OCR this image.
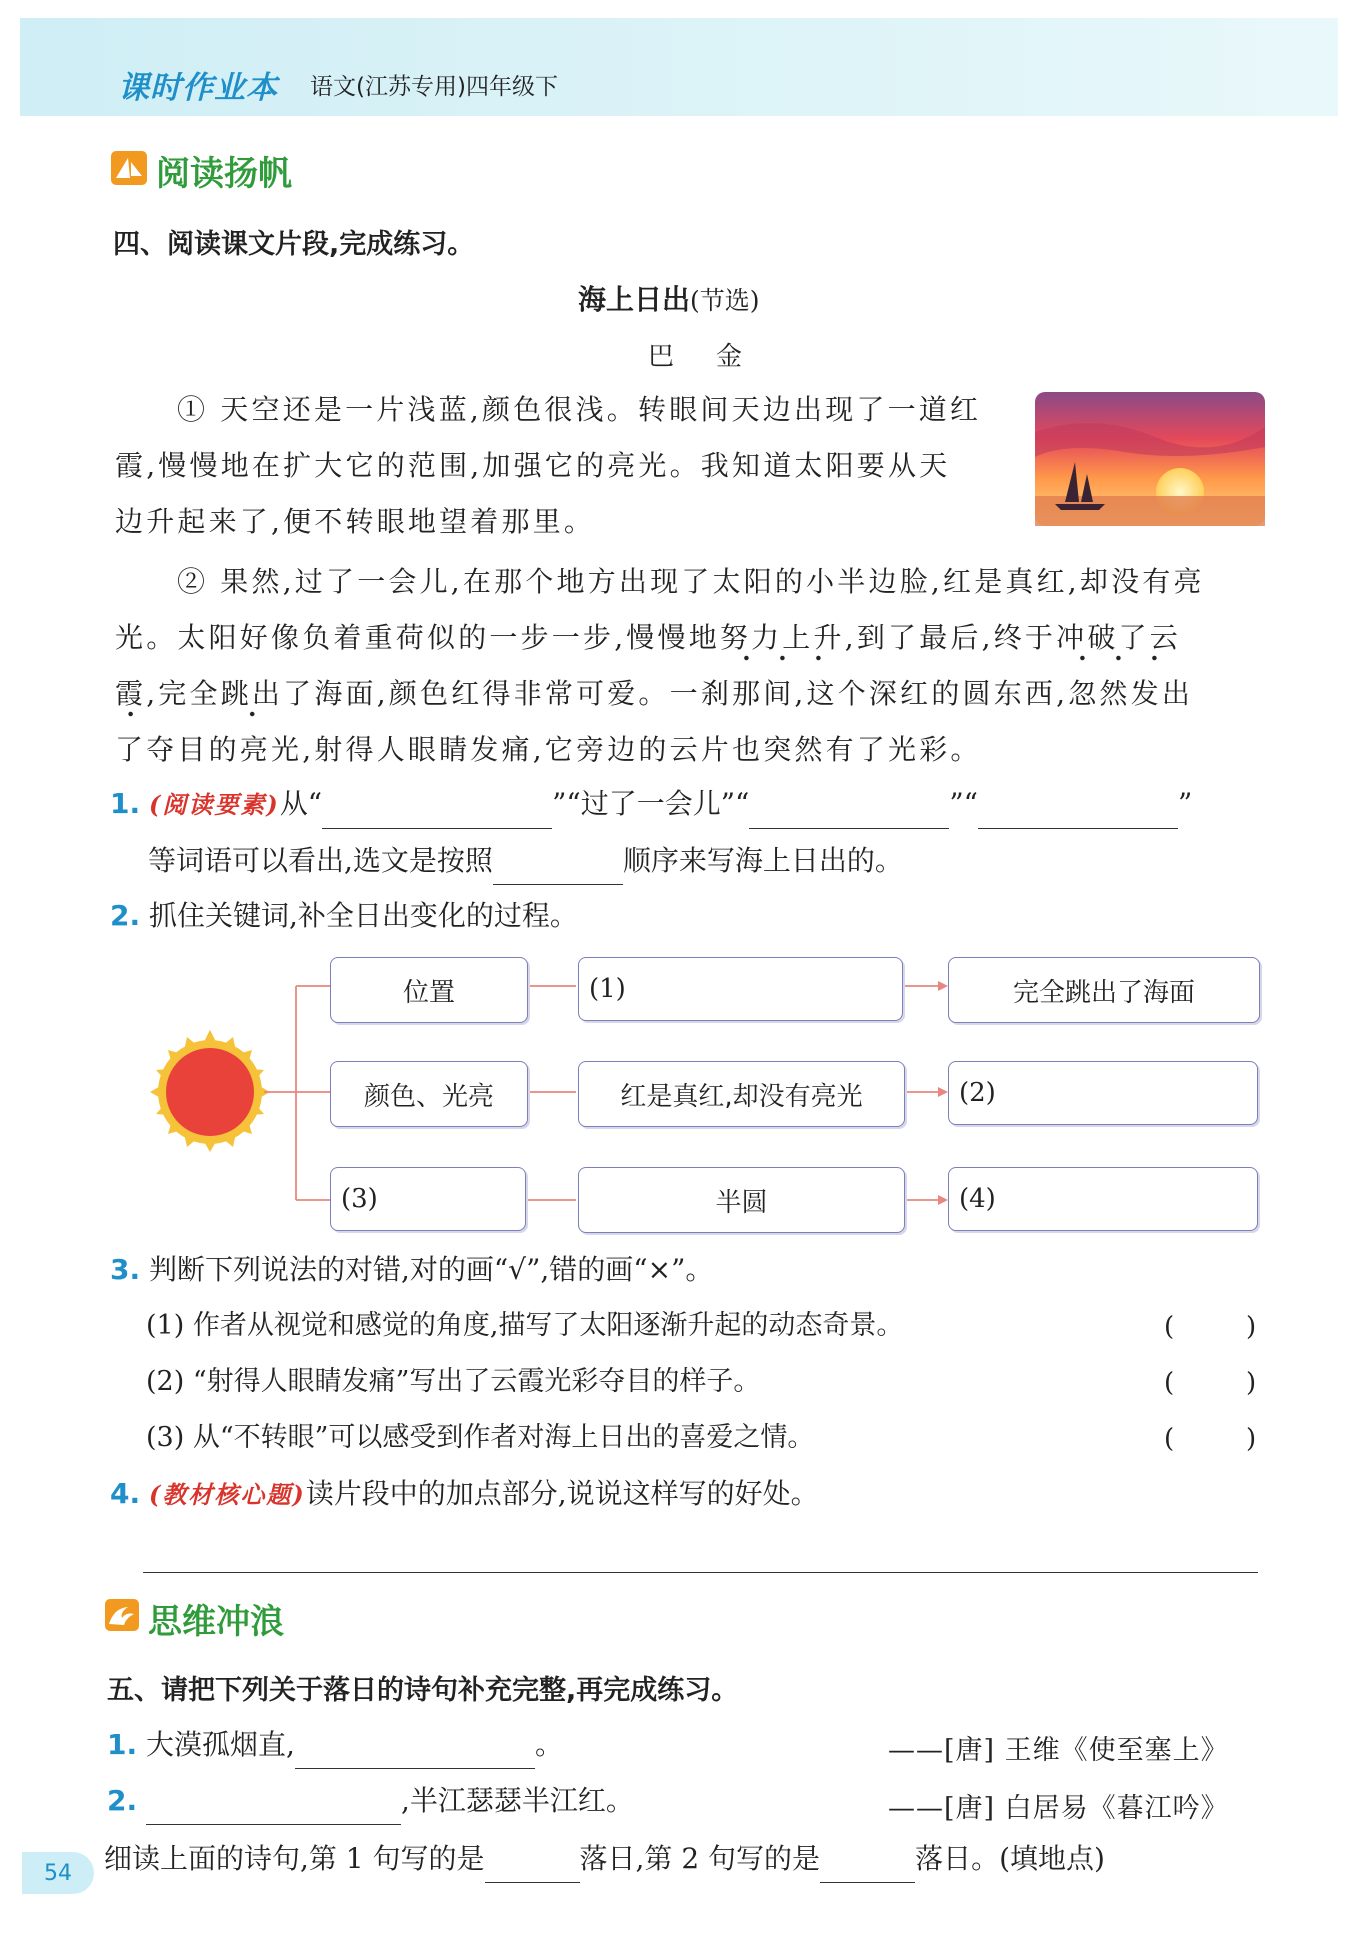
课时作业本 语文(江苏专用)四年级下
阅读扬帆
四、阅读课文片段,完成练习。
海上日出(节选)
巴　金
① 天空还是一片浅蓝,颜色很浅。转眼间天边出现了一道红
霞,慢慢地在扩大它的范围,加强它的亮光。我知道太阳要从天
边升起来了,便不转眼地望着那里。
② 果然,过了一会儿,在那个地方出现了太阳的小半边脸,红是真红,却没有亮
光。太阳好像负着重荷似的一步一步,慢慢地努力上升,到了最后,终于冲破了云
霞,完全跳出了海面,颜色红得非常可爱。一刹那间,这个深红的圆东西,忽然发出
了夺目的亮光,射得人眼睛发痛,它旁边的云片也突然有了光彩。
1. (阅读要素)从“	”“过了一会儿”“	”“	”
等词语可以看出,选文是按照	顺序来写海上日出的。
2. 抓住关键词,补全日出变化的过程。
位置	(1)	完全跳出了海面
颜色、光亮	红是真红,却没有亮光	(2)
(3)	半圆	(4)
3. 判断下列说法的对错,对的画“√”,错的画“×”。
(1) 作者从视觉和感觉的角度,描写了太阳逐渐升起的动态奇景。
(2) “射得人眼睛发痛”写出了云霞光彩夺目的样子。
(3) 从“不转眼”可以感受到作者对海上日出的喜爱之情。
(	)
(	)
(	)
4. (教材核心题)读片段中的加点部分,说说这样写的好处。
思维冲浪
五、请把下列关于落日的诗句补充完整,再完成练习。
1. 大漠孤烟直,	。	——[唐] 王维《使至塞上》
2.	,半江瑟瑟半江红。	——[唐] 白居易《暮江吟》
细读上面的诗句,第 1 句写的是	落日,第 2 句写的是	落日。(填地点)
54
